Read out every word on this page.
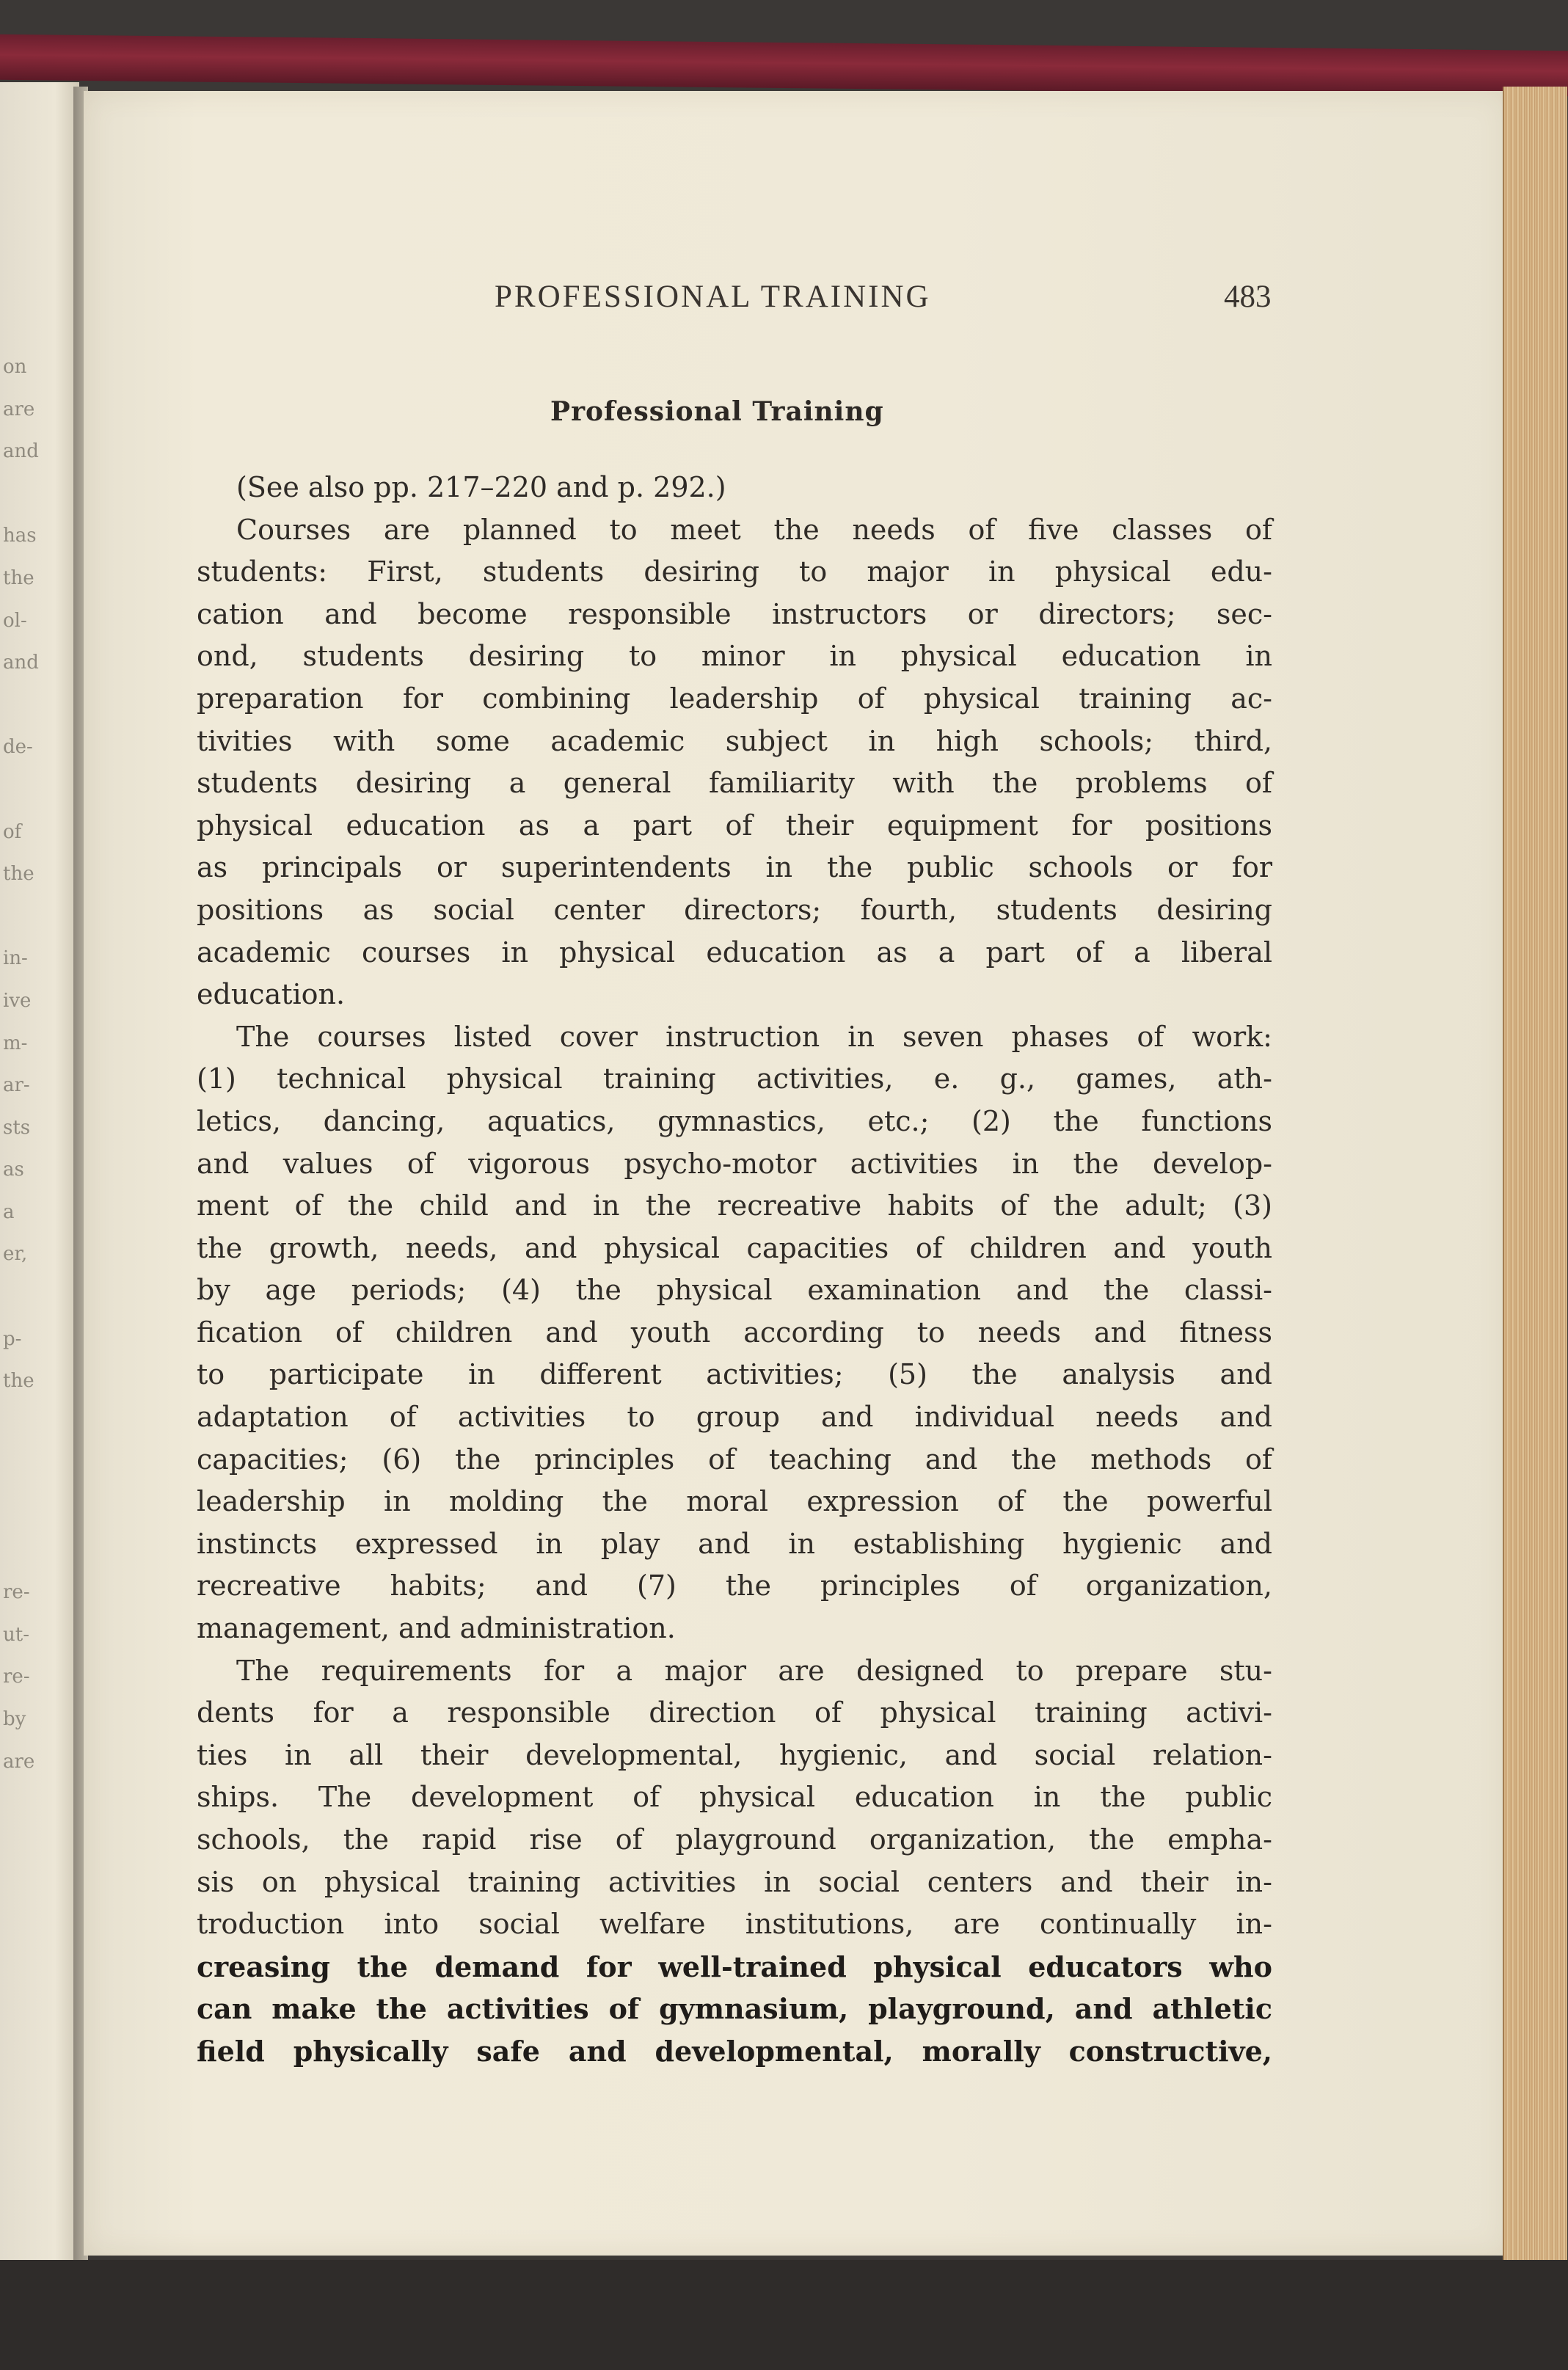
on
are
and
has
the
ol-
and
de-
of
the
in-
ive
m-
ar-
sts
as
a
er,
p-
the
re-
ut-
re-
by
are
PROFESSIONAL TRAINING	483
Professional Training
(See also pp. 217–220 and p. 292.)
Courses are planned to meet the needs of five classes of
students: First, students desiring to major in physical edu-
cation and become responsible instructors or directors; sec-
ond, students desiring to minor in physical education in
preparation for combining leadership of physical training ac-
tivities with some academic subject in high schools; third,
students desiring a general familiarity with the problems of
physical education as a part of their equipment for positions
as principals or superintendents in the public schools or for
positions as social center directors; fourth, students desiring
academic courses in physical education as a part of a liberal
education.
The courses listed cover instruction in seven phases of work:
(1) technical physical training activities, e. g., games, ath-
letics, dancing, aquatics, gymnastics, etc.; (2) the functions
and values of vigorous psycho-motor activities in the develop-
ment of the child and in the recreative habits of the adult; (3)
the growth, needs, and physical capacities of children and youth
by age periods; (4) the physical examination and the classi-
fication of children and youth according to needs and fitness
to participate in different activities; (5) the analysis and
adaptation of activities to group and individual needs and
capacities; (6) the principles of teaching and the methods of
leadership in molding the moral expression of the powerful
instincts expressed in play and in establishing hygienic and
recreative habits; and (7) the principles of organization,
management, and administration.
The requirements for a major are designed to prepare stu-
dents for a responsible direction of physical training activi-
ties in all their developmental, hygienic, and social relation-
ships. The development of physical education in the public
schools, the rapid rise of playground organization, the empha-
sis on physical training activities in social centers and their in-
troduction into social welfare institutions, are continually in-
creasing the demand for well-trained physical educators who
can make the activities of gymnasium, playground, and athletic
field physically safe and developmental, morally constructive,
